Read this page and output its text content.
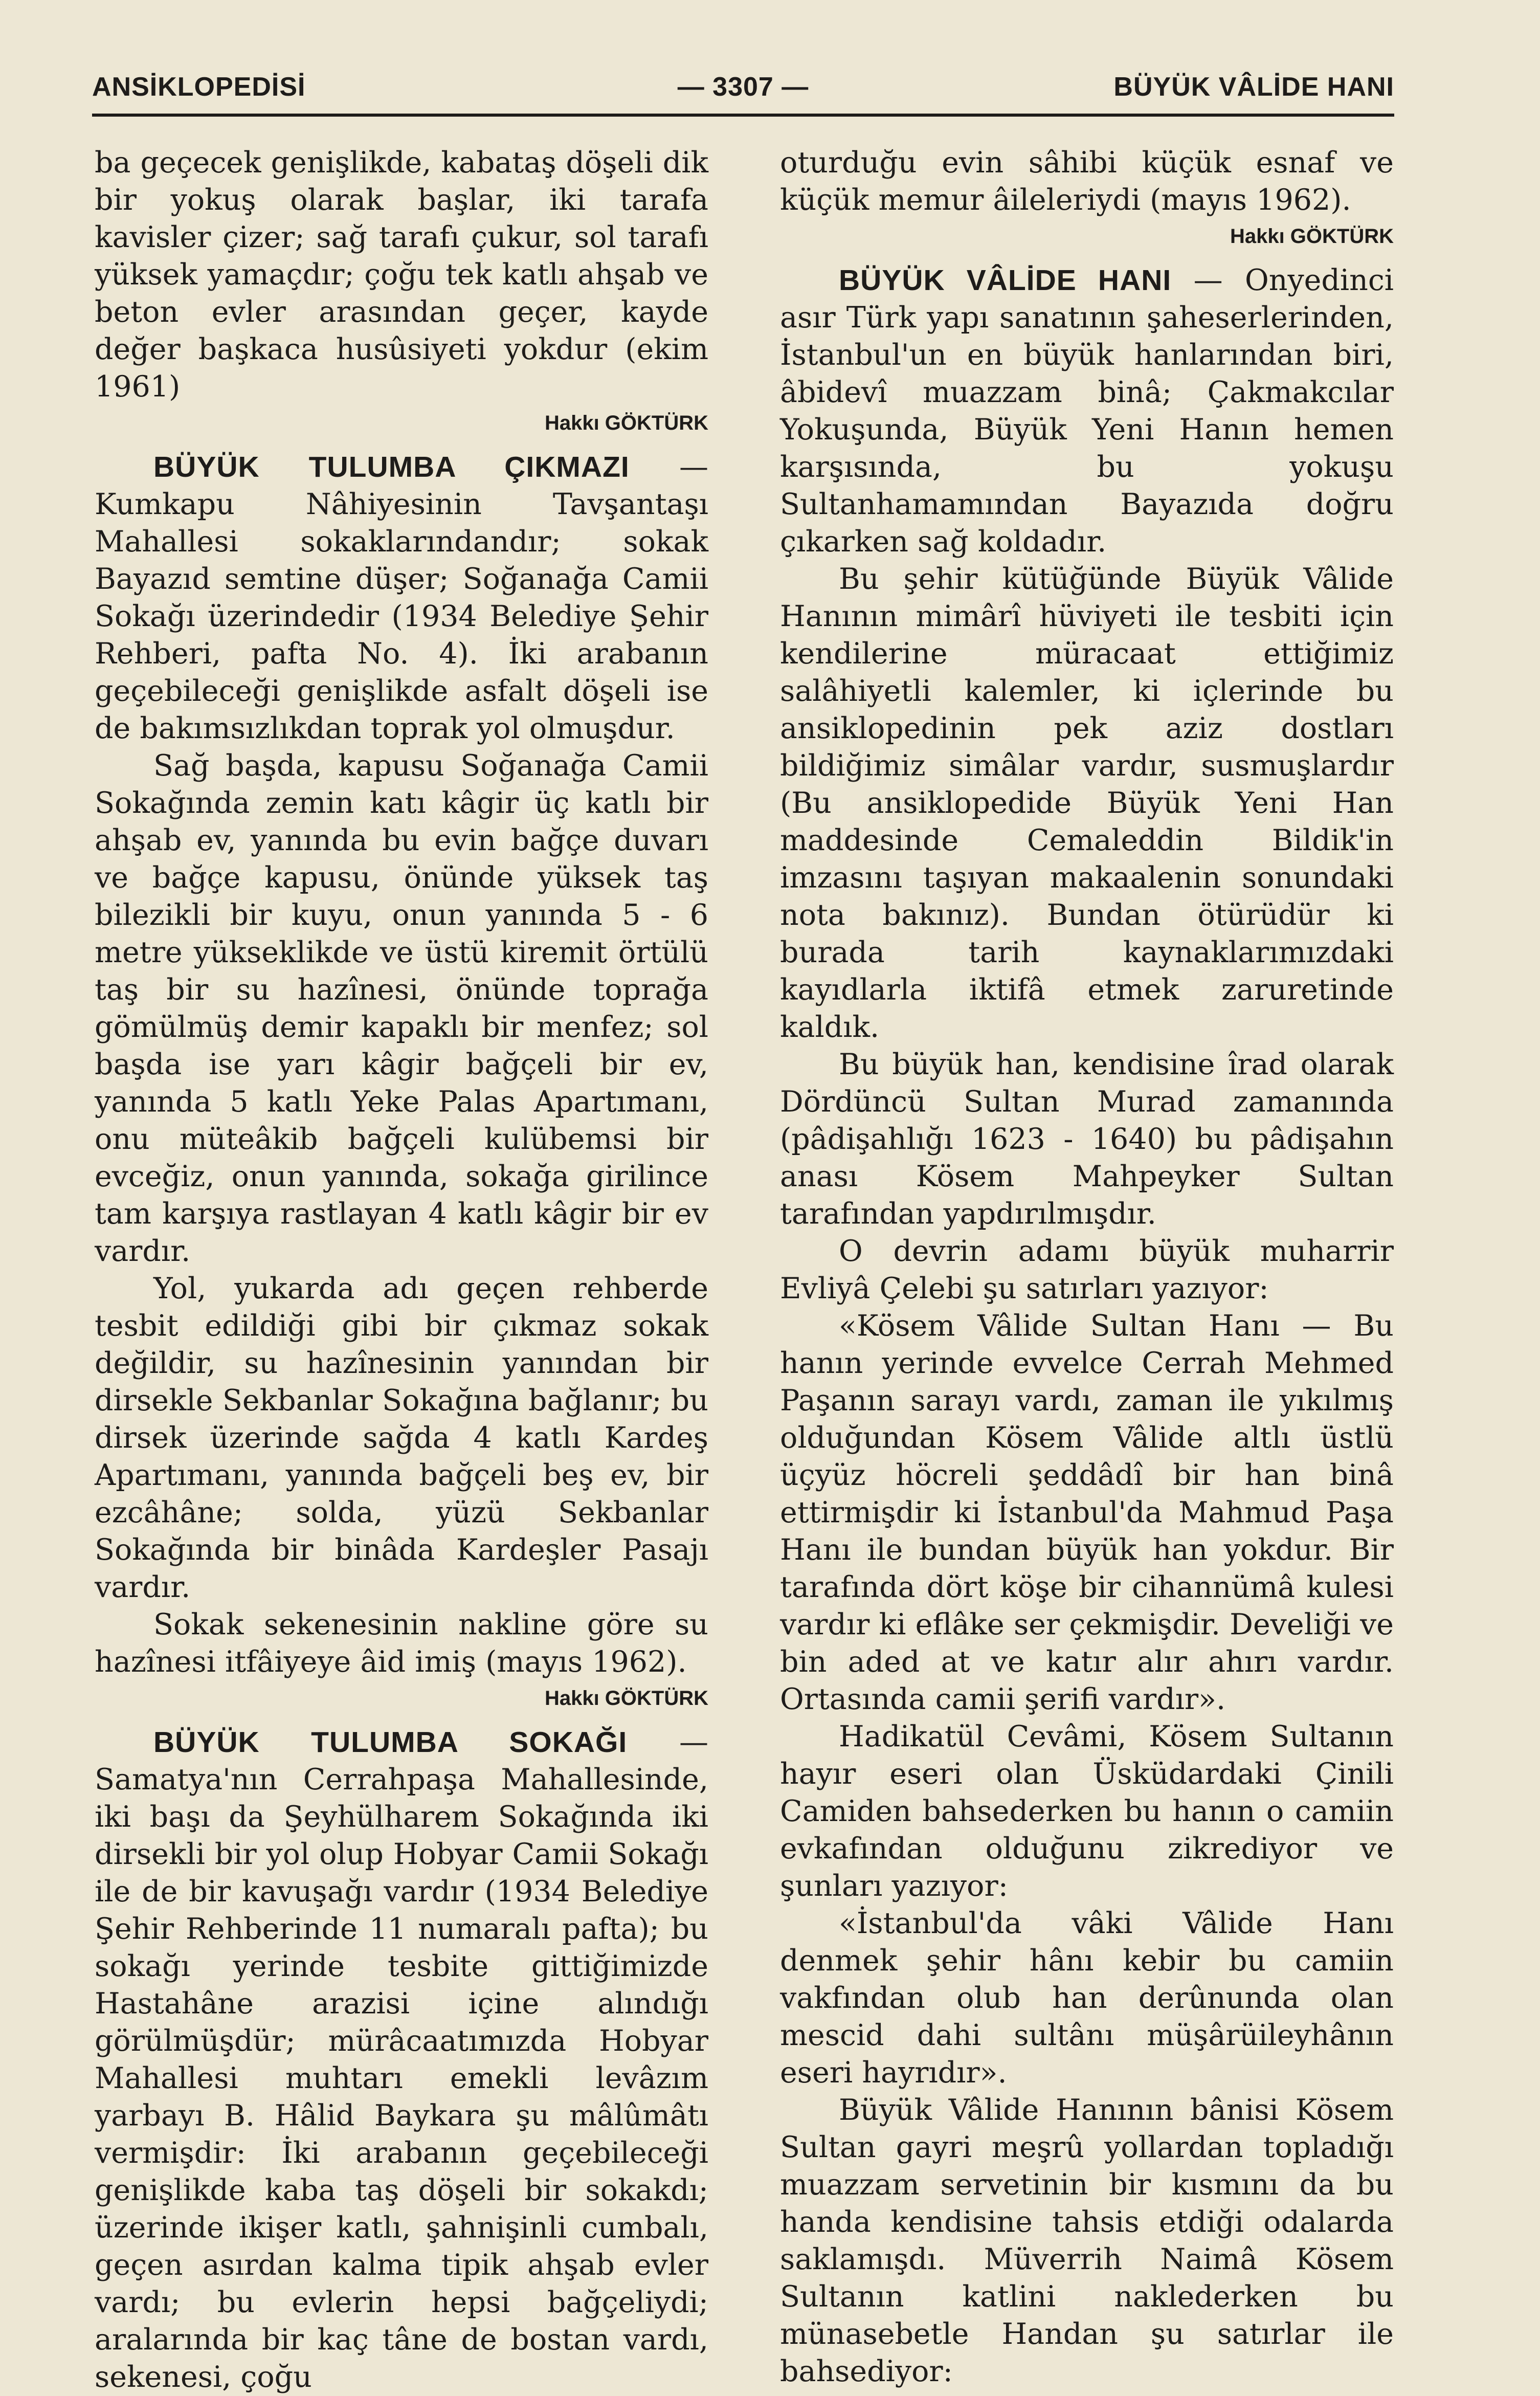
ANSİKLOPEDİSİ	— 3307 —	BÜYÜK VÂLİDE HANI

ba geçecek genişlikde, kabataş döşeli dik bir yokuş olarak başlar, iki tarafa kavisler çizer; sağ tarafı çukur, sol tarafı yüksek yamaçdır; çoğu tek katlı ahşab ve beton evler arasından geçer, kayde değer başkaca husûsiyeti yokdur (ekim 1961)

Hakkı GÖKTÜRK

BÜYÜK TULUMBA ÇIKMAZI — Kumkapu Nâhiyesinin Tavşantaşı Mahallesi sokaklarındandır; sokak Bayazıd semtine düşer; Soğanağa Camii Sokağı üzerindedir (1934 Belediye Şehir Rehberi, pafta No. 4). İki arabanın geçebileceği genişlikde asfalt döşeli ise de bakımsızlıkdan toprak yol olmuşdur.

Sağ başda, kapusu Soğanağa Camii Sokağında zemin katı kâgir üç katlı bir ahşab ev, yanında bu evin bağçe duvarı ve bağçe kapusu, önünde yüksek taş bilezikli bir kuyu, onun yanında 5 - 6 metre yükseklikde ve üstü kiremit örtülü taş bir su hazînesi, önünde toprağa gömülmüş demir kapaklı bir menfez; sol başda ise yarı kâgir bağçeli bir ev, yanında 5 katlı Yeke Palas Apartımanı, onu müteâkib bağçeli kulübemsi bir evceğiz, onun yanında, sokağa girilince tam karşıya rastlayan 4 katlı kâgir bir ev vardır.

Yol, yukarda adı geçen rehberde tesbit edildiği gibi bir çıkmaz sokak değildir, su hazînesinin yanından bir dirsekle Sekbanlar Sokağına bağlanır; bu dirsek üzerinde sağda 4 katlı Kardeş Apartımanı, yanında bağçeli beş ev, bir ezcâhâne; solda, yüzü Sekbanlar Sokağında bir binâda Kardeşler Pasajı vardır.

Sokak sekenesinin nakline göre su hazînesi itfâiyeye âid imiş (mayıs 1962).

Hakkı GÖKTÜRK

BÜYÜK TULUMBA SOKAĞI — Samatya'nın Cerrahpaşa Mahallesinde, iki başı da Şeyhülharem Sokağında iki dirsekli bir yol olup Hobyar Camii Sokağı ile de bir kavuşağı vardır (1934 Belediye Şehir Rehberinde 11 numaralı pafta); bu sokağı yerinde tesbite gittiğimizde Hastahâne arazisi içine alındığı görülmüşdür; mürâcaatımızda Hobyar Mahallesi muhtarı emekli levâzım yarbayı B. Hâlid Baykara şu mâlûmâtı vermişdir: İki arabanın geçebileceği genişlikde kaba taş döşeli bir sokakdı; üzerinde ikişer katlı, şahnişinli cumbalı, geçen asırdan kalma tipik ahşab evler vardı; bu evlerin hepsi bağçeliydi; aralarında bir kaç tâne de bostan vardı, sekenesi, çoğu

oturduğu evin sâhibi küçük esnaf ve küçük memur âileleriydi (mayıs 1962).

Hakkı GÖKTÜRK

BÜYÜK VÂLİDE HANI — Onyedinci asır Türk yapı sanatının şaheserlerinden, İstanbul'un en büyük hanlarından biri, âbidevî muazzam binâ; Çakmakcılar Yokuşunda, Büyük Yeni Hanın hemen karşısında, bu yokuşu Sultanhamamından Bayazıda doğru çıkarken sağ koldadır.

Bu şehir kütüğünde Büyük Vâlide Hanının mimârî hüviyeti ile tesbiti için kendilerine müracaat ettiğimiz salâhiyetli kalemler, ki içlerinde bu ansiklopedinin pek aziz dostları bildiğimiz simâlar vardır, susmuşlardır (Bu ansiklopedide Büyük Yeni Han maddesinde Cemaleddin Bildik'in imzasını taşıyan makaalenin sonundaki nota bakınız). Bundan ötürüdür ki burada tarih kaynaklarımızdaki kayıdlarla iktifâ etmek zaruretinde kaldık.

Bu büyük han, kendisine îrad olarak Dördüncü Sultan Murad zamanında (pâdişahlığı 1623 - 1640) bu pâdişahın anası Kösem Mahpeyker Sultan tarafından yapdırılmışdır.

O devrin adamı büyük muharrir Evliyâ Çelebi şu satırları yazıyor:

«Kösem Vâlide Sultan Hanı — Bu hanın yerinde evvelce Cerrah Mehmed Paşanın sarayı vardı, zaman ile yıkılmış olduğundan Kösem Vâlide altlı üstlü üçyüz höcreli şeddâdî bir han binâ ettirmişdir ki İstanbul'da Mahmud Paşa Hanı ile bundan büyük han yokdur. Bir tarafında dört köşe bir cihannümâ kulesi vardır ki eflâke ser çekmişdir. Develiği ve bin aded at ve katır alır ahırı vardır. Ortasında camii şerifi vardır».

Hadikatül Cevâmi, Kösem Sultanın hayır eseri olan Üsküdardaki Çinili Camiden bahsederken bu hanın o camiin evkafından olduğunu zikrediyor ve şunları yazıyor:

«İstanbul'da vâki Vâlide Hanı denmek şehir hânı kebir bu camiin vakfından olub han derûnunda olan mescid dahi sultânı müşârüileyhânın eseri hayrıdır».

Büyük Vâlide Hanının bânisi Kösem Sultan gayri meşrû yollardan topladığı muazzam servetinin bir kısmını da bu handa kendisine tahsis etdiği odalarda saklamışdı. Müverrih Naimâ Kösem Sultanın katlini naklederken bu münasebetle Handan şu satırlar ile bahsediyor:
